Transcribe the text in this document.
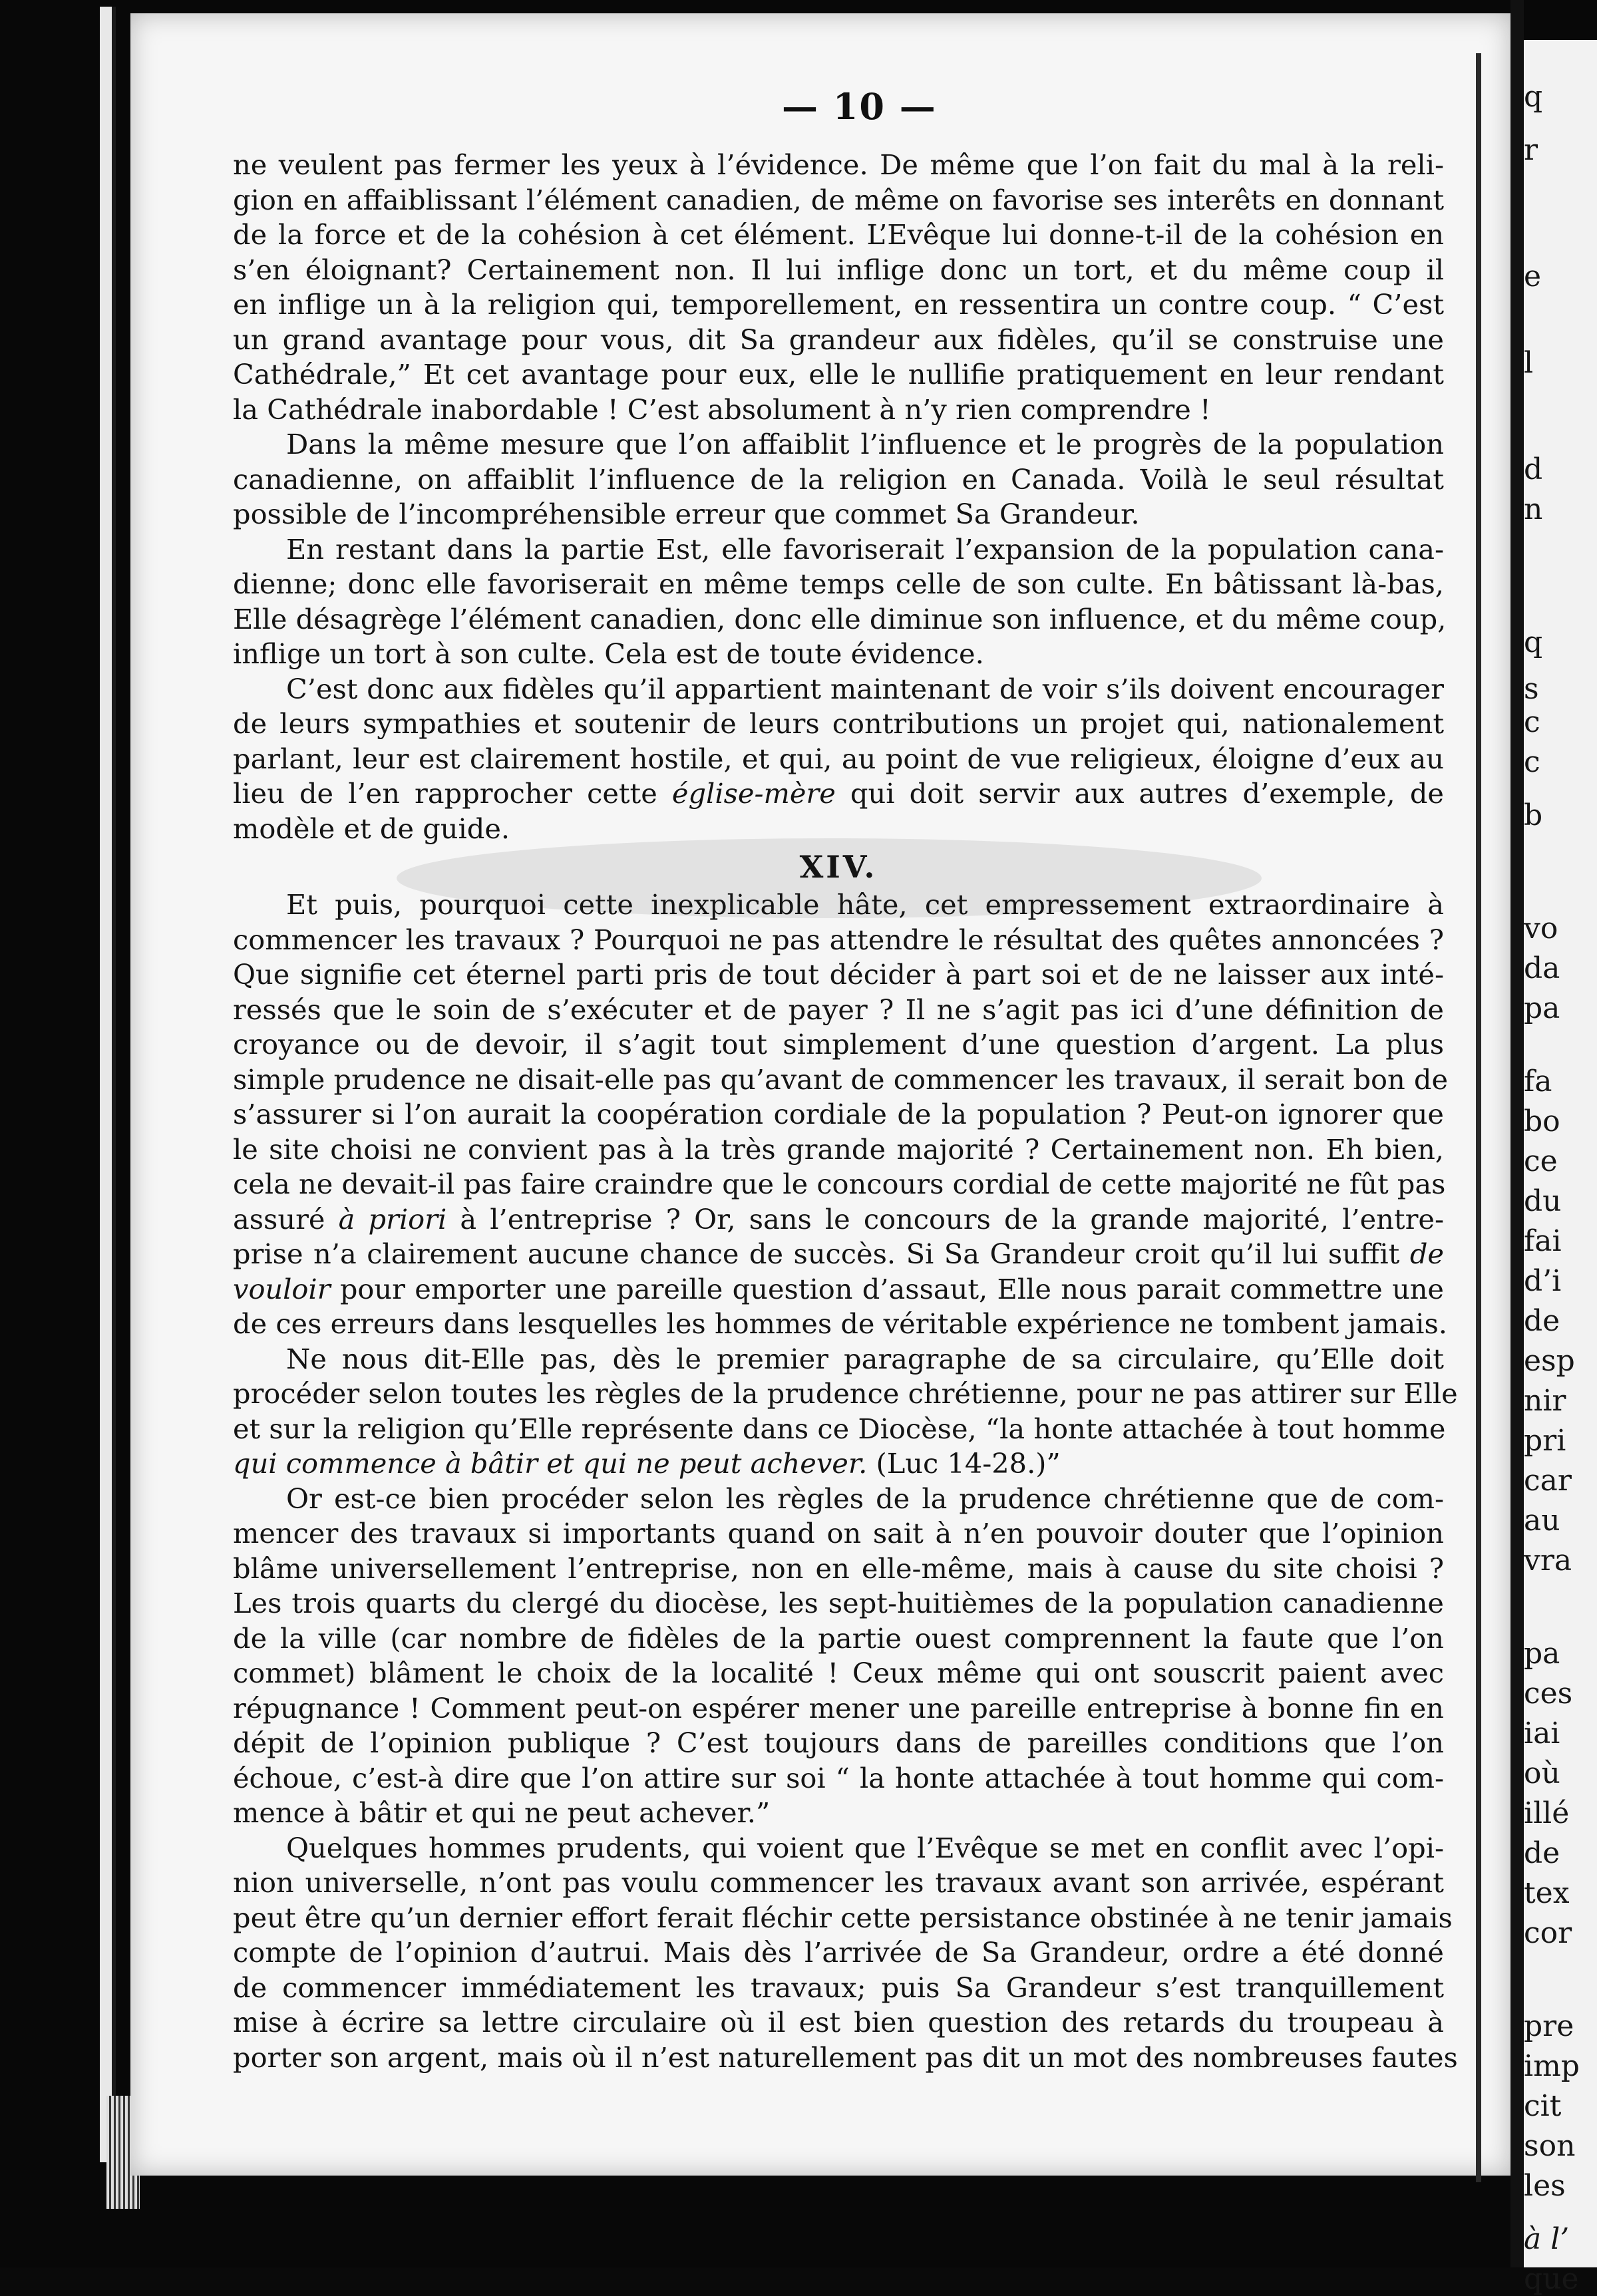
— 10 —
ne veulent pas fermer les yeux à l’évidence. De même que l’on fait du mal à la reli-
gion en affaiblissant l’élément canadien, de même on favorise ses interêts en donnant
de la force et de la cohésion à cet élément. L’Evêque lui donne-t-il de la cohésion en
s’en éloignant? Certainement non. Il lui inflige donc un tort, et du même coup il
en inflige un à la religion qui, temporellement, en ressentira un contre coup. “ C’est
un grand avantage pour vous, dit Sa grandeur aux fidèles, qu’il se construise une
Cathédrale,” Et cet avantage pour eux, elle le nullifie pratiquement en leur rendant
la Cathédrale inabordable ! C’est absolument à n’y rien comprendre !
Dans la même mesure que l’on affaiblit l’influence et le progrès de la population
canadienne, on affaiblit l’influence de la religion en Canada. Voilà le seul résultat
possible de l’incompréhensible erreur que commet Sa Grandeur.
En restant dans la partie Est, elle favoriserait l’expansion de la population cana-
dienne; donc elle favoriserait en même temps celle de son culte. En bâtissant là-bas,
Elle désagrège l’élément canadien, donc elle diminue son influence, et du même coup,
inflige un tort à son culte. Cela est de toute évidence.
C’est donc aux fidèles qu’il appartient maintenant de voir s’ils doivent encourager
de leurs sympathies et soutenir de leurs contributions un projet qui, nationalement
parlant, leur est clairement hostile, et qui, au point de vue religieux, éloigne d’eux au
lieu de l’en rapprocher cette église-mère qui doit servir aux autres d’exemple, de
modèle et de guide.
XIV.
Et puis, pourquoi cette inexplicable hâte, cet empressement extraordinaire à
commencer les travaux ? Pourquoi ne pas attendre le résultat des quêtes annoncées ?
Que signifie cet éternel parti pris de tout décider à part soi et de ne laisser aux inté-
ressés que le soin de s’exécuter et de payer ? Il ne s’agit pas ici d’une définition de
croyance ou de devoir, il s’agit tout simplement d’une question d’argent. La plus
simple prudence ne disait-elle pas qu’avant de commencer les travaux, il serait bon de
s’assurer si l’on aurait la coopération cordiale de la population ? Peut-on ignorer que
le site choisi ne convient pas à la très grande majorité ? Certainement non. Eh bien,
cela ne devait-il pas faire craindre que le concours cordial de cette majorité ne fût pas
assuré à priori à l’entreprise ? Or, sans le concours de la grande majorité, l’entre-
prise n’a clairement aucune chance de succès. Si Sa Grandeur croit qu’il lui suffit de
vouloir pour emporter une pareille question d’assaut, Elle nous parait commettre une
de ces erreurs dans lesquelles les hommes de véritable expérience ne tombent jamais.
Ne nous dit-Elle pas, dès le premier paragraphe de sa circulaire, qu’Elle doit
procéder selon toutes les règles de la prudence chrétienne, pour ne pas attirer sur Elle
et sur la religion qu’Elle représente dans ce Diocèse, “la honte attachée à tout homme
qui commence à bâtir et qui ne peut achever. (Luc 14-28.)”
Or est-ce bien procéder selon les règles de la prudence chrétienne que de com-
mencer des travaux si importants quand on sait à n’en pouvoir douter que l’opinion
blâme universellement l’entreprise, non en elle-même, mais à cause du site choisi ?
Les trois quarts du clergé du diocèse, les sept-huitièmes de la population canadienne
de la ville (car nombre de fidèles de la partie ouest comprennent la faute que l’on
commet) blâment le choix de la localité ! Ceux même qui ont souscrit paient avec
répugnance ! Comment peut-on espérer mener une pareille entreprise à bonne fin en
dépit de l’opinion publique ? C’est toujours dans de pareilles conditions que l’on
échoue, c’est-à dire que l’on attire sur soi “ la honte attachée à tout homme qui com-
mence à bâtir et qui ne peut achever.”
Quelques hommes prudents, qui voient que l’Evêque se met en conflit avec l’opi-
nion universelle, n’ont pas voulu commencer les travaux avant son arrivée, espérant
peut être qu’un dernier effort ferait fléchir cette persistance obstinée à ne tenir jamais
compte de l’opinion d’autrui. Mais dès l’arrivée de Sa Grandeur, ordre a été donné
de commencer immédiatement les travaux; puis Sa Grandeur s’est tranquillement
mise à écrire sa lettre circulaire où il est bien question des retards du troupeau à
porter son argent, mais où il n’est naturellement pas dit un mot des nombreuses fautes
q
r
e
l
d
n
q
s
c
c
b
vo
da
pa
fa
bo
ce
du
fai
d’i
de
esp
nir
pri
car
au
vra
pa
ces
iai
où
illé
de
tex
cor
pre
imp
cit
son
les
à l’
que
